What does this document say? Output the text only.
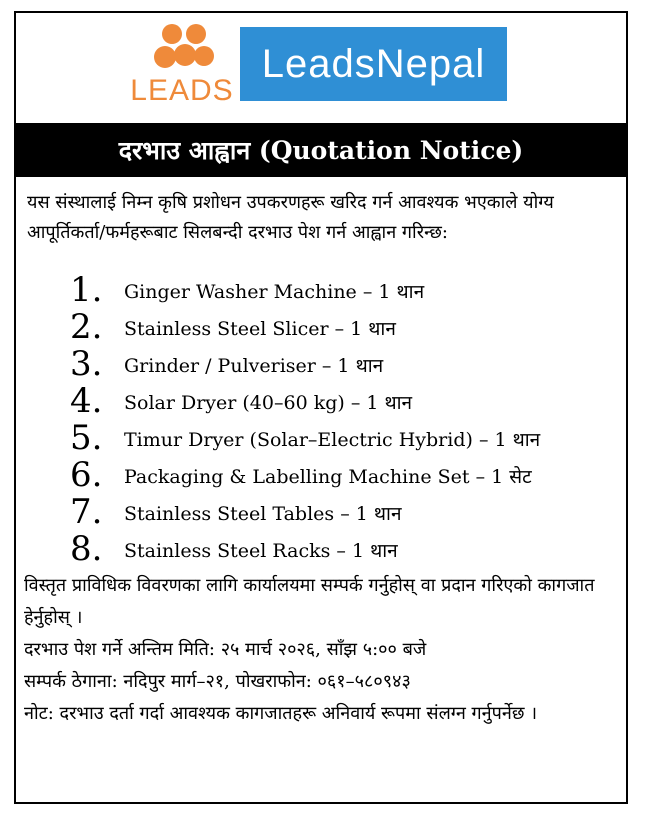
LEADS
LeadsNepal
दरभाउ आह्वान (Quotation Notice)
यस संस्थालाई निम्न कृषि प्रशोधन उपकरणहरू खरिद गर्न आवश्यक भएकाले योग्य आपूर्तिकर्ता/फर्महरूबाट सिलबन्दी दरभाउ पेश गर्न आह्वान गरिन्छ:
1. Ginger Washer Machine – 1 थान
2. Stainless Steel Slicer – 1 थान
3. Grinder / Pulveriser – 1 थान
4. Solar Dryer (40–60 kg) – 1 थान
5. Timur Dryer (Solar–Electric Hybrid) – 1 थान
6. Packaging & Labelling Machine Set – 1 सेट
7. Stainless Steel Tables – 1 थान
8. Stainless Steel Racks – 1 थान

विस्तृत प्राविधिक विवरणका लागि कार्यालयमा सम्पर्क गर्नुहोस् वा प्रदान गरिएको कागजात हेर्नुहोस् ।

दरभाउ पेश गर्ने अन्तिम मिति: २५ मार्च २०२६, साँझ ५:०० बजे

सम्पर्क ठेगाना: नदिपुर मार्ग–२१, पोखराफोन: ०६१–५८०९४३

नोट: दरभाउ दर्ता गर्दा आवश्यक कागजातहरू अनिवार्य रूपमा संलग्न गर्नुपर्नेछ ।
